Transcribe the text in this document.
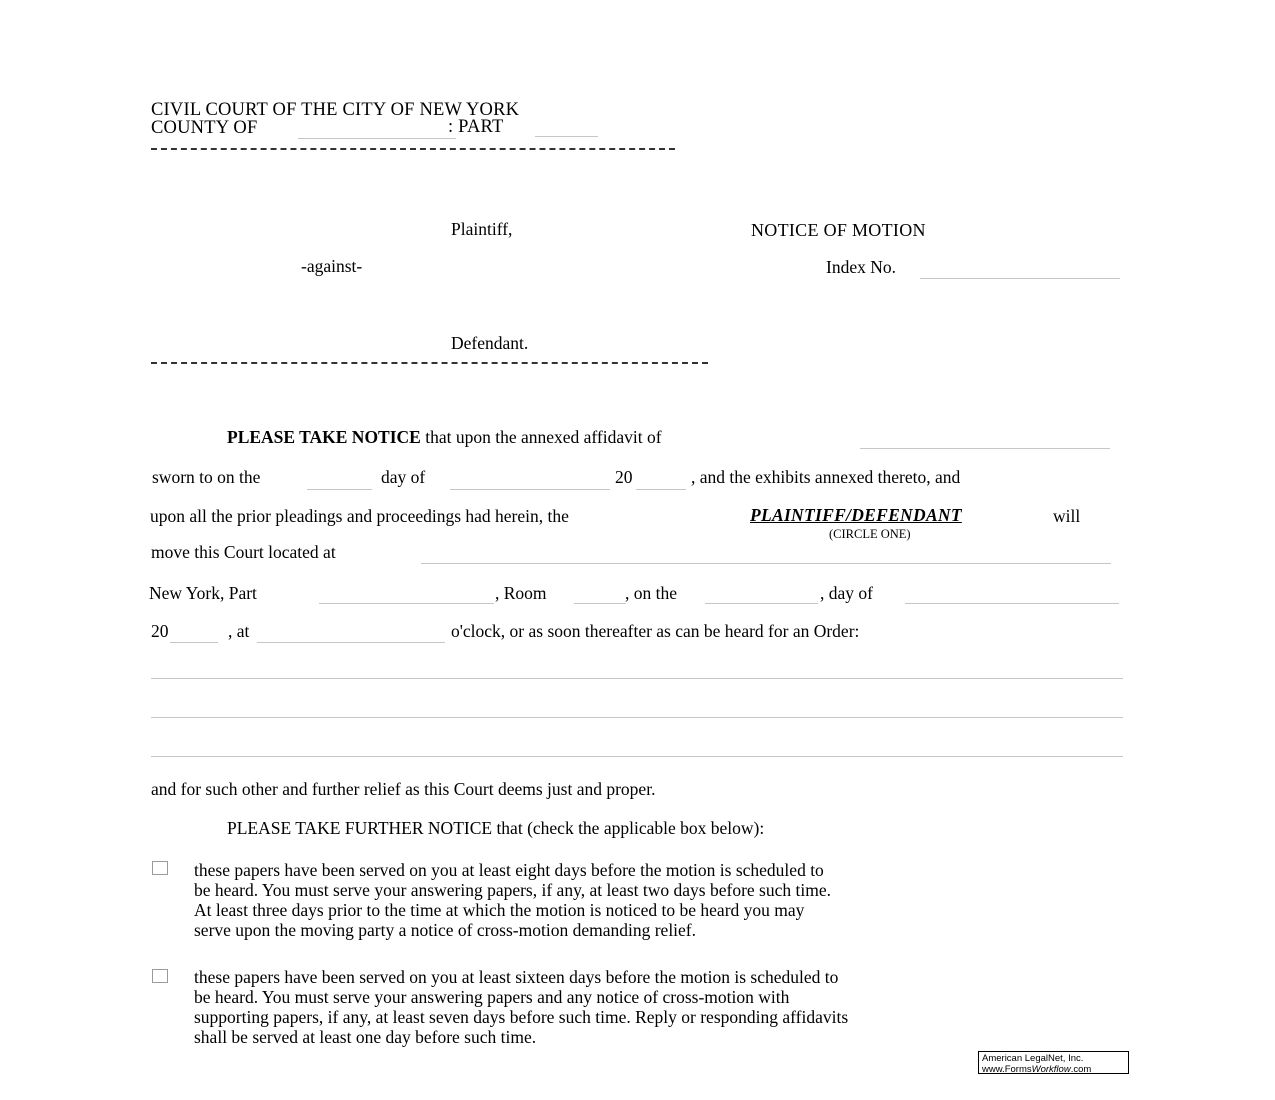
CIVIL COURT OF THE CITY OF NEW YORK
COUNTY OF	: PART
Plaintiff,	NOTICE OF MOTION
-against-	Index No.
Defendant.
PLEASE TAKE NOTICE that upon the annexed affidavit of
sworn to on the	day of	20	, and the exhibits annexed thereto, and
upon all the prior pleadings and proceedings had herein, the	PLAINTIFF/DEFENDANT	will
(CIRCLE ONE)
move this Court located at
New York, Part	, Room	, on the	, day of
20	, at	o'clock, or as soon thereafter as can be heard for an Order:
and for such other and further relief as this Court deems just and proper.
PLEASE TAKE FURTHER NOTICE that (check the applicable box below):
these papers have been served on you at least eight days before the motion is scheduled to
be heard. You must serve your answering papers, if any, at least two days before such time.
At least three days prior to the time at which the motion is noticed to be heard you may
serve upon the moving party a notice of cross-motion demanding relief.
these papers have been served on you at least sixteen days before the motion is scheduled to
be heard. You must serve your answering papers and any notice of cross-motion with
supporting papers, if any, at least seven days before such time. Reply or responding affidavits
shall be served at least one day before such time.
American LegalNet, Inc.
www.FormsWorkflow.com
